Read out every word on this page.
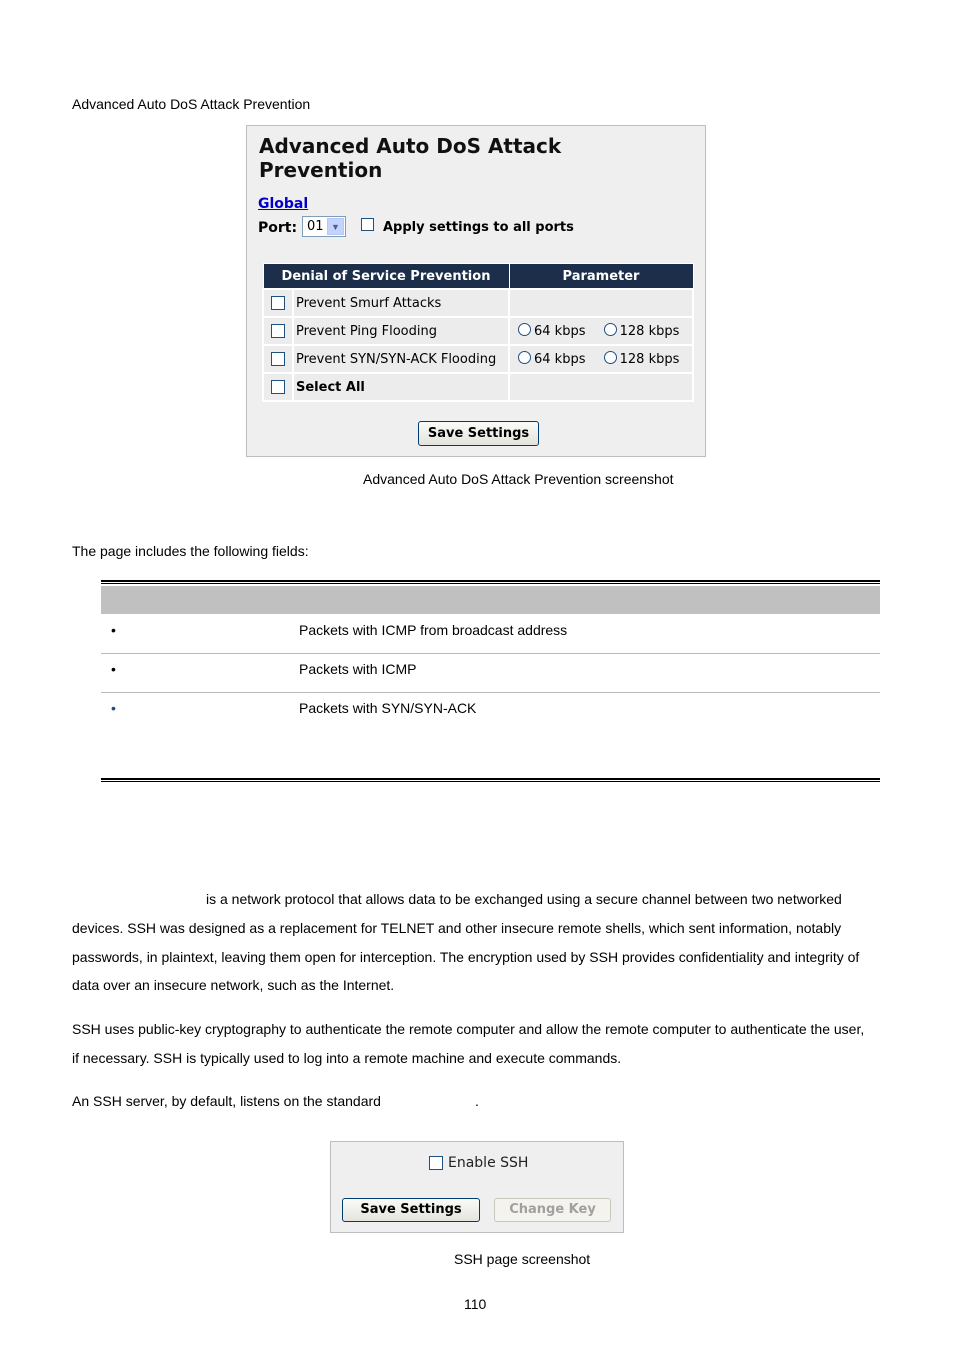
Advanced Auto DoS Attack Prevention
Advanced Auto DoS Attack
Prevention
Global
Port: 01 ▼	Apply settings to all ports
Denial of Service Prevention		Parameter

	Prevent Smurf Attacks	

	Prevent Ping Flooding	64 kbps 128 kbps

	Prevent SYN/SYN-ACK Flooding	64 kbps 128 kbps

	Select All	
Save Settings
Advanced Auto DoS Attack Prevention screenshot
The page includes the following fields:
•	Packets with ICMP from broadcast address
•	Packets with ICMP
•	Packets with SYN/SYN-ACK
is a network protocol that allows data to be exchanged using a secure channel between two networked
devices. SSH was designed as a replacement for TELNET and other insecure remote shells, which sent information, notably
passwords, in plaintext, leaving them open for interception. The encryption used by SSH provides confidentiality and integrity of
data over an insecure network, such as the Internet.
SSH uses public-key cryptography to authenticate the remote computer and allow the remote computer to authenticate the user,
if necessary. SSH is typically used to log into a remote machine and execute commands.
An SSH server, by default, listens on the standard	.
Enable SSH
Save Settings	Change Key
SSH page screenshot
110
